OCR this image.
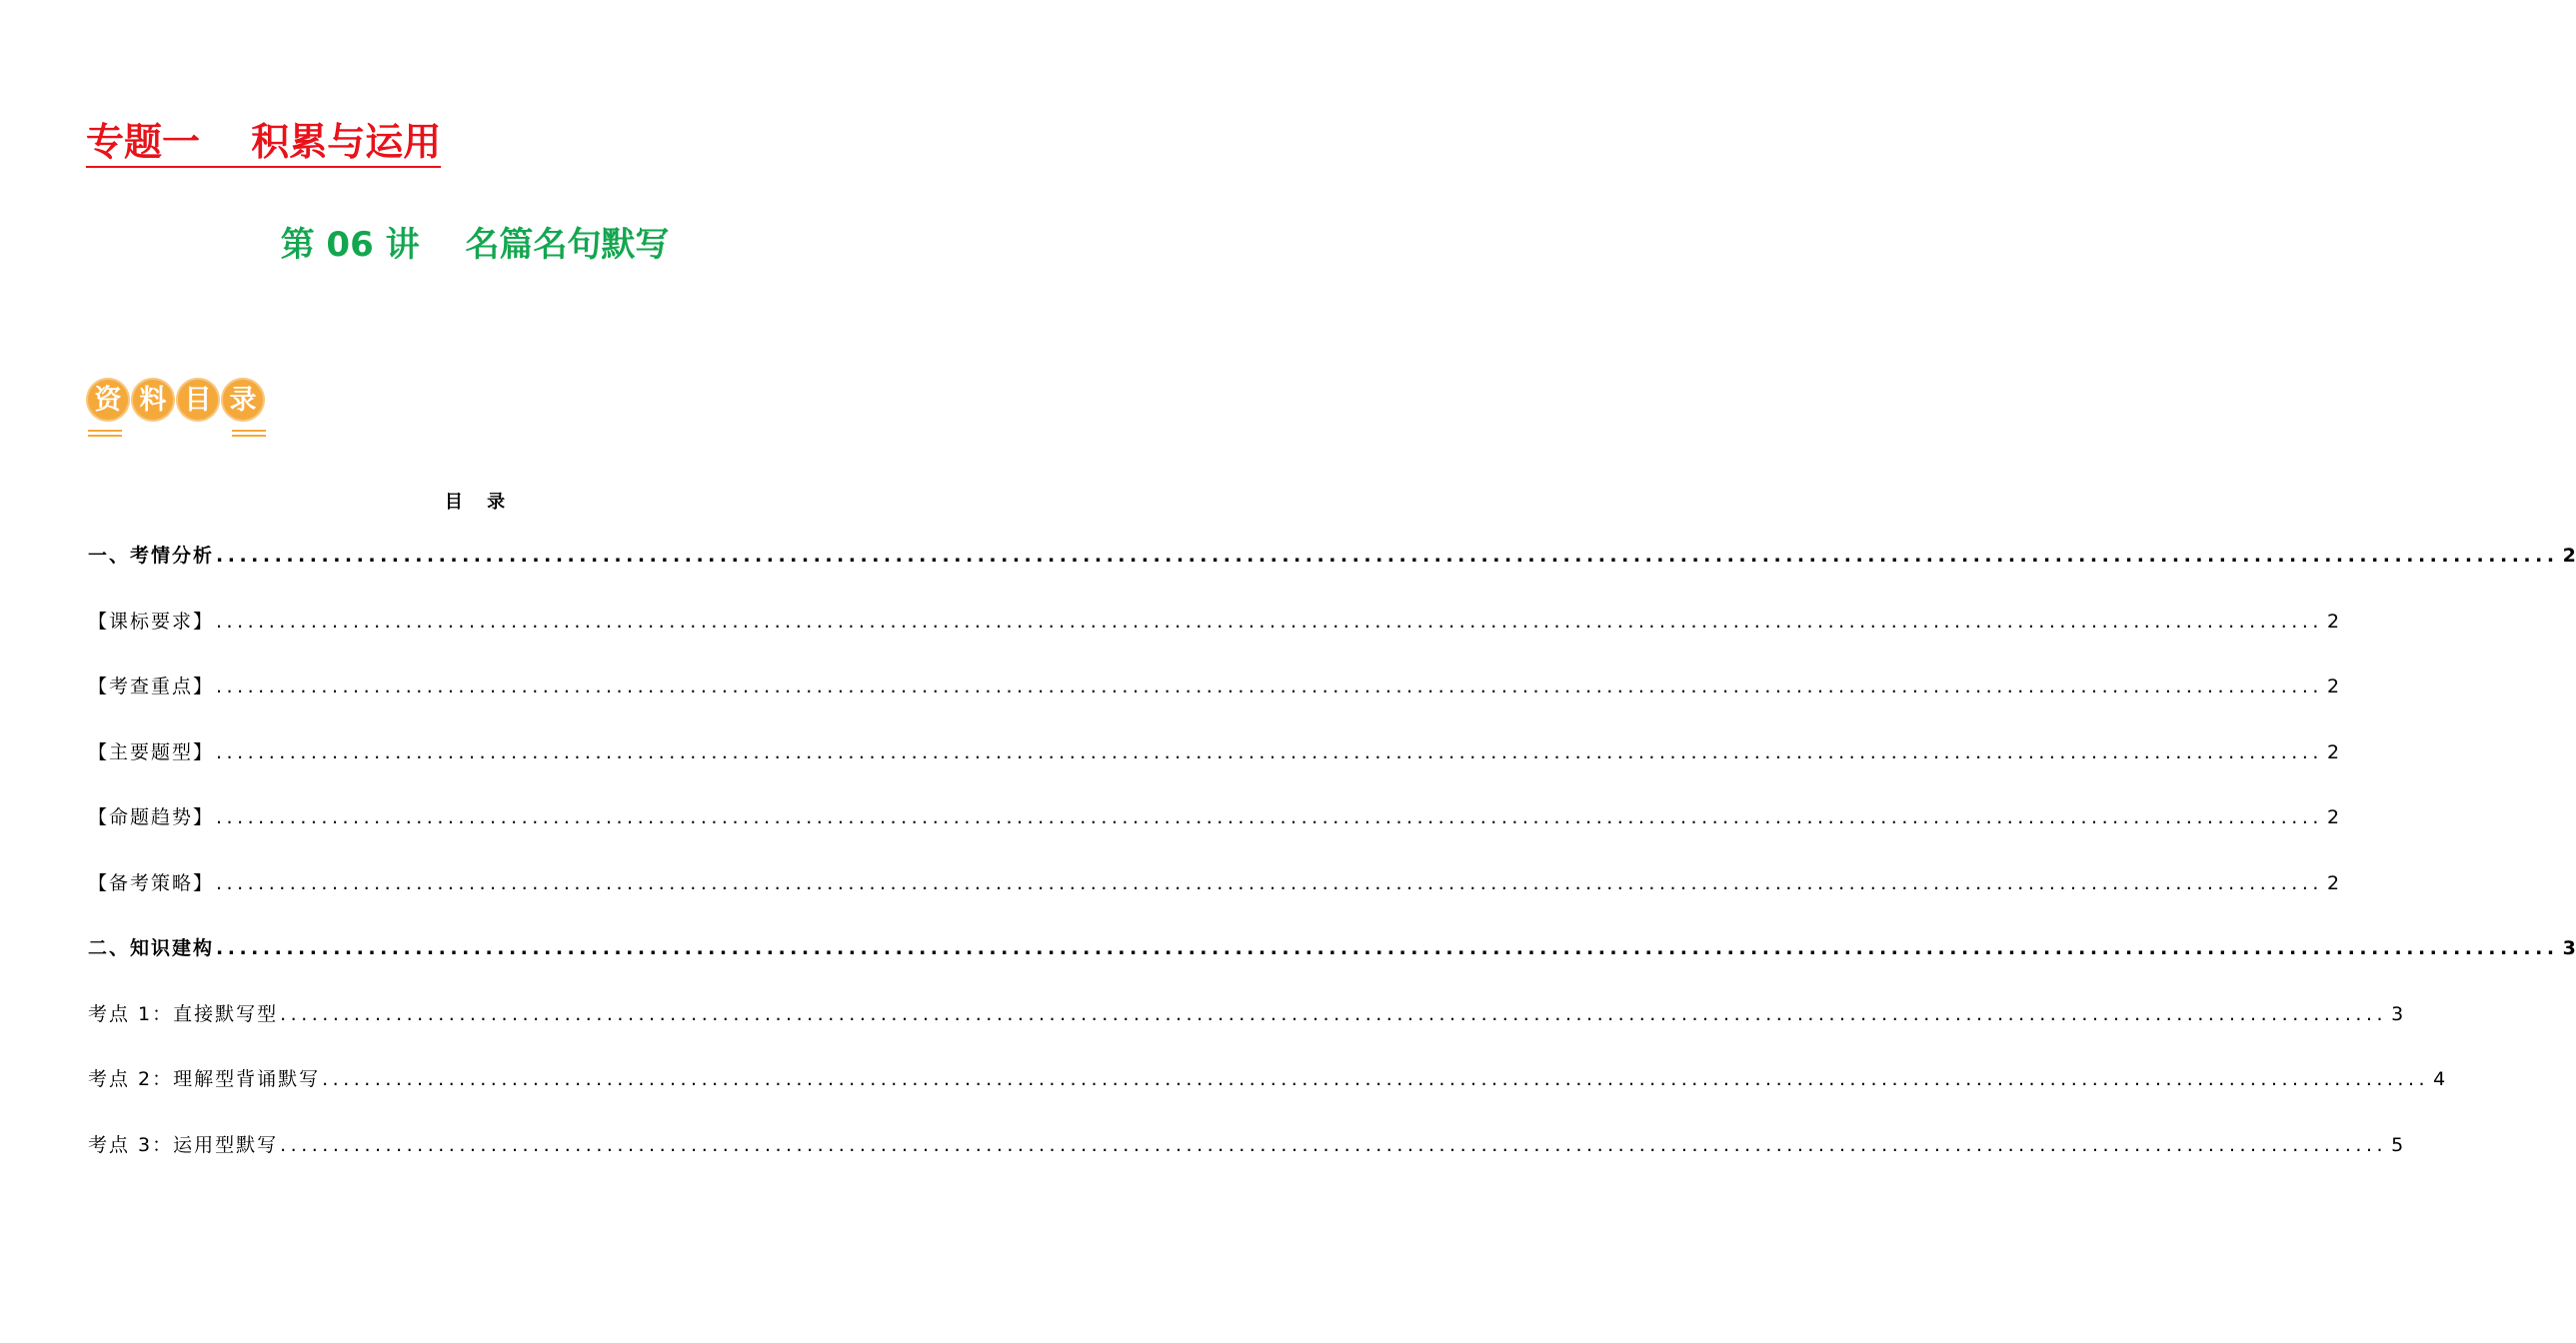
专题一　 积累与运用
第 06 讲　 名篇名句默写
资 料 目 录
目　 录
一、考情分析 ........................................................................................................................................................................................................ 2
【课标要求】 ........................................................................................................................................................................................................ 2
【考查重点】 ........................................................................................................................................................................................................ 2
【主要题型】 ........................................................................................................................................................................................................ 2
【命题趋势】 ........................................................................................................................................................................................................ 2
【备考策略】 ........................................................................................................................................................................................................ 2
二、知识建构 ........................................................................................................................................................................................................ 3
考点 1：直接默写型 ........................................................................................................................................................................................................ 3
考点 2：理解型背诵默写 ........................................................................................................................................................................................................ 4
考点 3：运用型默写 ........................................................................................................................................................................................................ 5
